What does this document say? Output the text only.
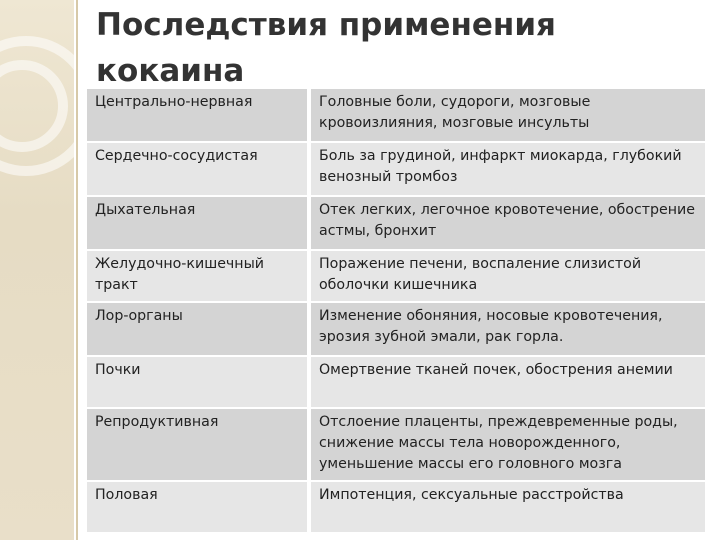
Последствия применения кокаина
Центрально-нервная	Головные боли, судороги, мозговые кровоизлияния, мозговые инсульты
Сердечно-сосудистая	Боль за грудиной, инфаркт миокарда, глубокий венозный тромбоз
Дыхательная	Отек легких, легочное кровотечение, обострение астмы, бронхит
Желудочно-кишечный тракт	Поражение печени, воспаление слизистой оболочки кишечника
Лор-органы	Изменение обоняния, носовые кровотечения, эрозия зубной эмали, рак горла.
Почки	Омертвение тканей почек, обострения анемии
Репродуктивная	Отслоение плаценты, преждевременные роды, снижение массы тела новорожденного, уменьшение массы его головного мозга
Половая	Импотенция, сексуальные расстройства
